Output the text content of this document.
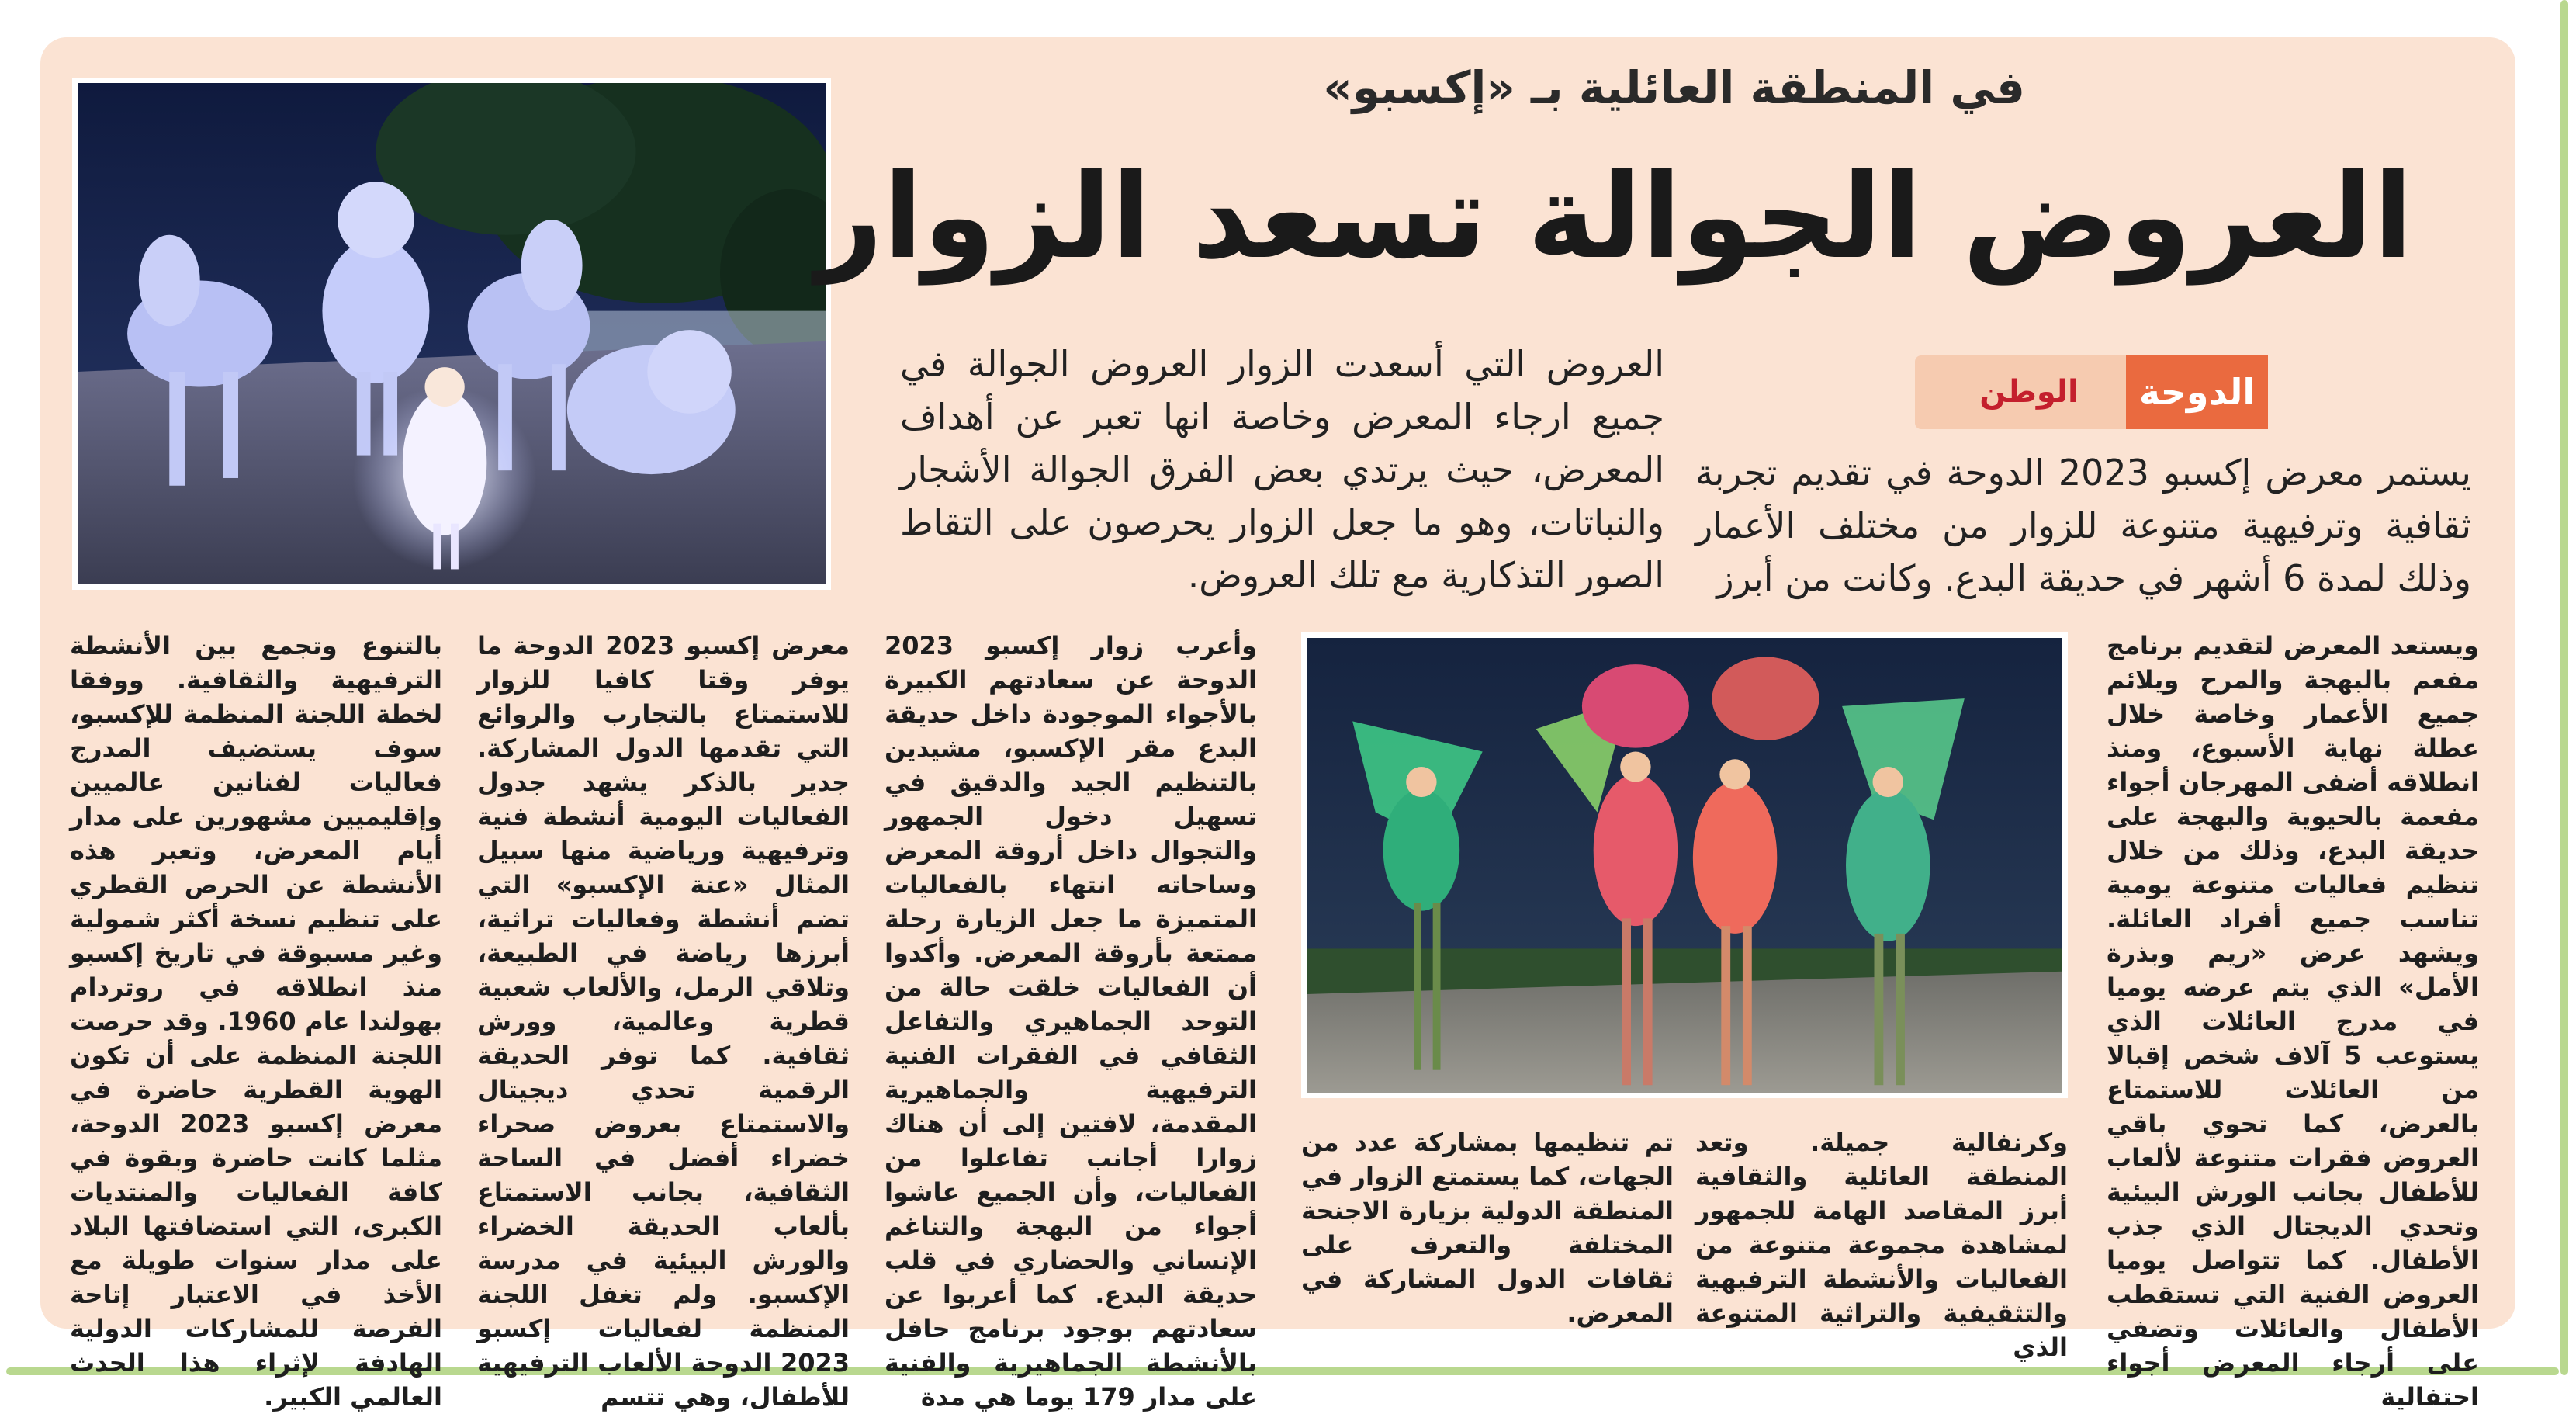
في المنطقة العائلية بـ «إكسبو»
العروض الجوالة تسعد الزوار
الدوحة
الوطن
يستمر معرض إكسبو 2023 الدوحة في تقديم تجربة ثقافية وترفيهية متنوعة للزوار من مختلف الأعمار وذلك لمدة 6 أشهر في حديقة البدع. وكانت من أبرز
العروض التي أسعدت الزوار العروض الجوالة في جميع ارجاء المعرض وخاصة انها تعبر عن أهداف المعرض، حيث يرتدي بعض الفرق الجوالة الأشجار والنباتات، وهو ما جعل الزوار يحرصون على التقاط الصور التذكارية مع تلك العروض.
ويستعد المعرض لتقديم برنامج مفعم بالبهجة والمرح ويلائم جميع الأعمار وخاصة خلال عطلة نهاية الأسبوع، ومنذ انطلاقه أضفى المهرجان أجواء مفعمة بالحيوية والبهجة على حديقة البدع، وذلك من خلال تنظيم فعاليات متنوعة يومية تناسب جميع أفراد العائلة. ويشهد عرض «ريم وبذرة الأمل» الذي يتم عرضه يوميا في مدرج العائلات الذي يستوعب 5 آلاف شخص إقبالا من العائلات للاستمتاع بالعرض، كما تحوي باقي العروض فقرات متنوعة لألعاب للأطفال بجانب الورش البيئية وتحدي الديجتال الذي جذب الأطفال. كما تتواصل يوميا العروض الفنية التي تستقطب الأطفال والعائلات وتضفي على أرجاء المعرض أجواء احتفالية
وكرنفالية جميلة. وتعد المنطقة العائلية والثقافية أبرز المقاصد الهامة للجمهور لمشاهدة مجموعة متنوعة من الفعاليات والأنشطة الترفيهية والتثقيفية والتراثية المتنوعة الذي
تم تنظيمها بمشاركة عدد من الجهات، كما يستمتع الزوار في المنطقة الدولية بزيارة الاجنحة المختلفة والتعرف على ثقافات الدول المشاركة في المعرض.
وأعرب زوار إكسبو 2023 الدوحة عن سعادتهم الكبيرة بالأجواء الموجودة داخل حديقة البدع مقر الإكسبو، مشيدين بالتنظيم الجيد والدقيق في تسهيل دخول الجمهور والتجوال داخل أروقة المعرض وساحاته انتهاء بالفعاليات المتميزة ما جعل الزيارة رحلة ممتعة بأروقة المعرض. وأكدوا أن الفعاليات خلقت حالة من التوحد الجماهيري والتفاعل الثقافي في الفقرات الفنية الترفيهية والجماهيرية المقدمة، لافتين إلى أن هناك زوارا أجانب تفاعلوا من الفعاليات، وأن الجميع عاشوا أجواء من البهجة والتناغم الإنساني والحضاري في قلب حديقة البدع. كما أعربوا عن سعادتهم بوجود برنامج حافل بالأنشطة الجماهيرية والفنية على مدار 179 يوما هي مدة
معرض إكسبو 2023 الدوحة ما يوفر وقتا كافيا للزوار للاستمتاع بالتجارب والروائع التي تقدمها الدول المشاركة. جدير بالذكر يشهد جدول الفعاليات اليومية أنشطة فنية وترفيهية ورياضية منها سبيل المثال «عنة الإكسبو» التي تضم أنشطة وفعاليات تراثية، أبرزها رياضة في الطبيعة، وتلاقي الرمل، والألعاب شعبية قطرية وعالمية، وورش ثقافية. كما توفر الحديقة الرقمية تحدي ديجيتال والاستمتاع بعروض صحراء خضراء أفضل في الساحة الثقافية، بجانب الاستمتاع بألعاب الحديقة الخضراء والورش البيئية في مدرسة الإكسبو. ولم تغفل اللجنة المنظمة لفعاليات إكسبو 2023 الدوحة الألعاب الترفيهية للأطفال، وهي تتسم
بالتنوع وتجمع بين الأنشطة الترفيهية والثقافية. ووفقا لخطة اللجنة المنظمة للإكسبو، سوف يستضيف المدرج فعاليات لفنانين عالميين وإقليميين مشهورين على مدار أيام المعرض، وتعبر هذه الأنشطة عن الحرص القطري على تنظيم نسخة أكثر شمولية وغير مسبوقة في تاريخ إكسبو منذ انطلاقه في روتردام بهولندا عام 1960. وقد حرصت اللجنة المنظمة على أن تكون الهوية القطرية حاضرة في معرض إكسبو 2023 الدوحة، مثلما كانت حاضرة وبقوة في كافة الفعاليات والمنتديات الكبرى، التي استضافتها البلاد على مدار سنوات طويلة مع الأخذ في الاعتبار إتاحة الفرصة للمشاركات الدولية الهادفة لإثراء هذا الحدث العالمي الكبير.
